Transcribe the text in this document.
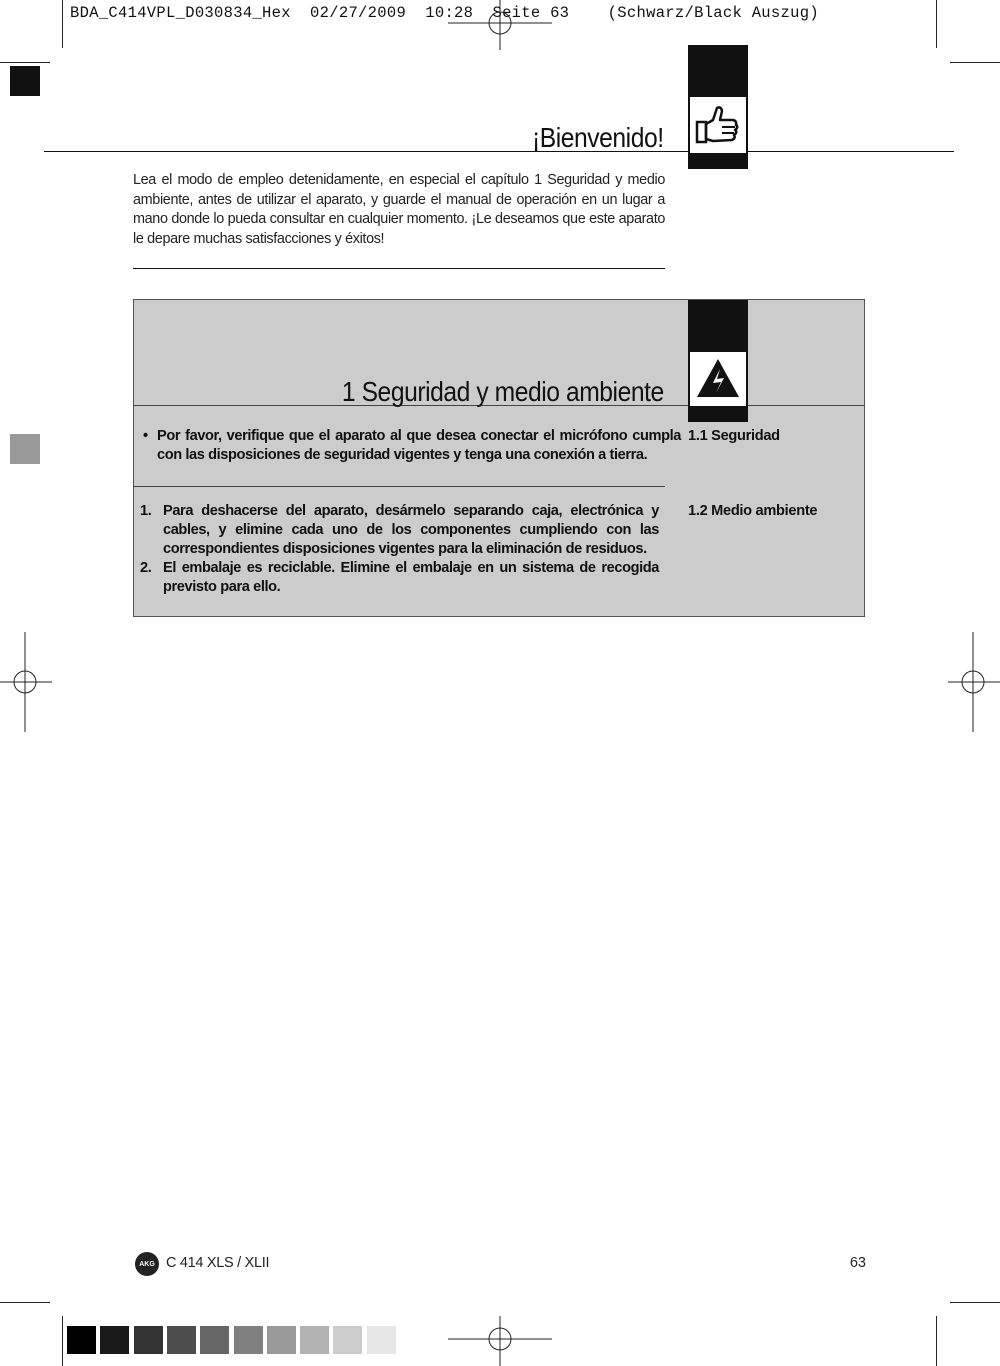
BDA_C414VPL_D030834_Hex  02/27/2009  10:28  Seite 63    (Schwarz/Black Auszug)
¡Bienvenido!
Lea el modo de empleo detenidamente, en especial el capítulo 1 Seguridad y medio ambiente, antes de utilizar el aparato, y guarde el manual de operación en un lugar a mano donde lo pueda consultar en cualquier momento. ¡Le deseamos que este aparato le depare muchas satisfacciones y éxitos!
1 Seguridad y medio ambiente
• Por favor, verifique que el aparato al que desea conectar el micrófono cumpla con las disposiciones de seguridad vigentes y tenga una conexión a tierra.
1.1 Seguridad
1. Para deshacerse del aparato, desármelo separando caja, electrónica y cables, y elimine cada uno de los componentes cumpliendo con las correspondientes disposiciones vigentes para la eliminación de residuos.
2. El embalaje es reciclable. Elimine el embalaje en un sistema de recogida previsto para ello.
1.2 Medio ambiente
AKG C 414 XLS / XLII	63
